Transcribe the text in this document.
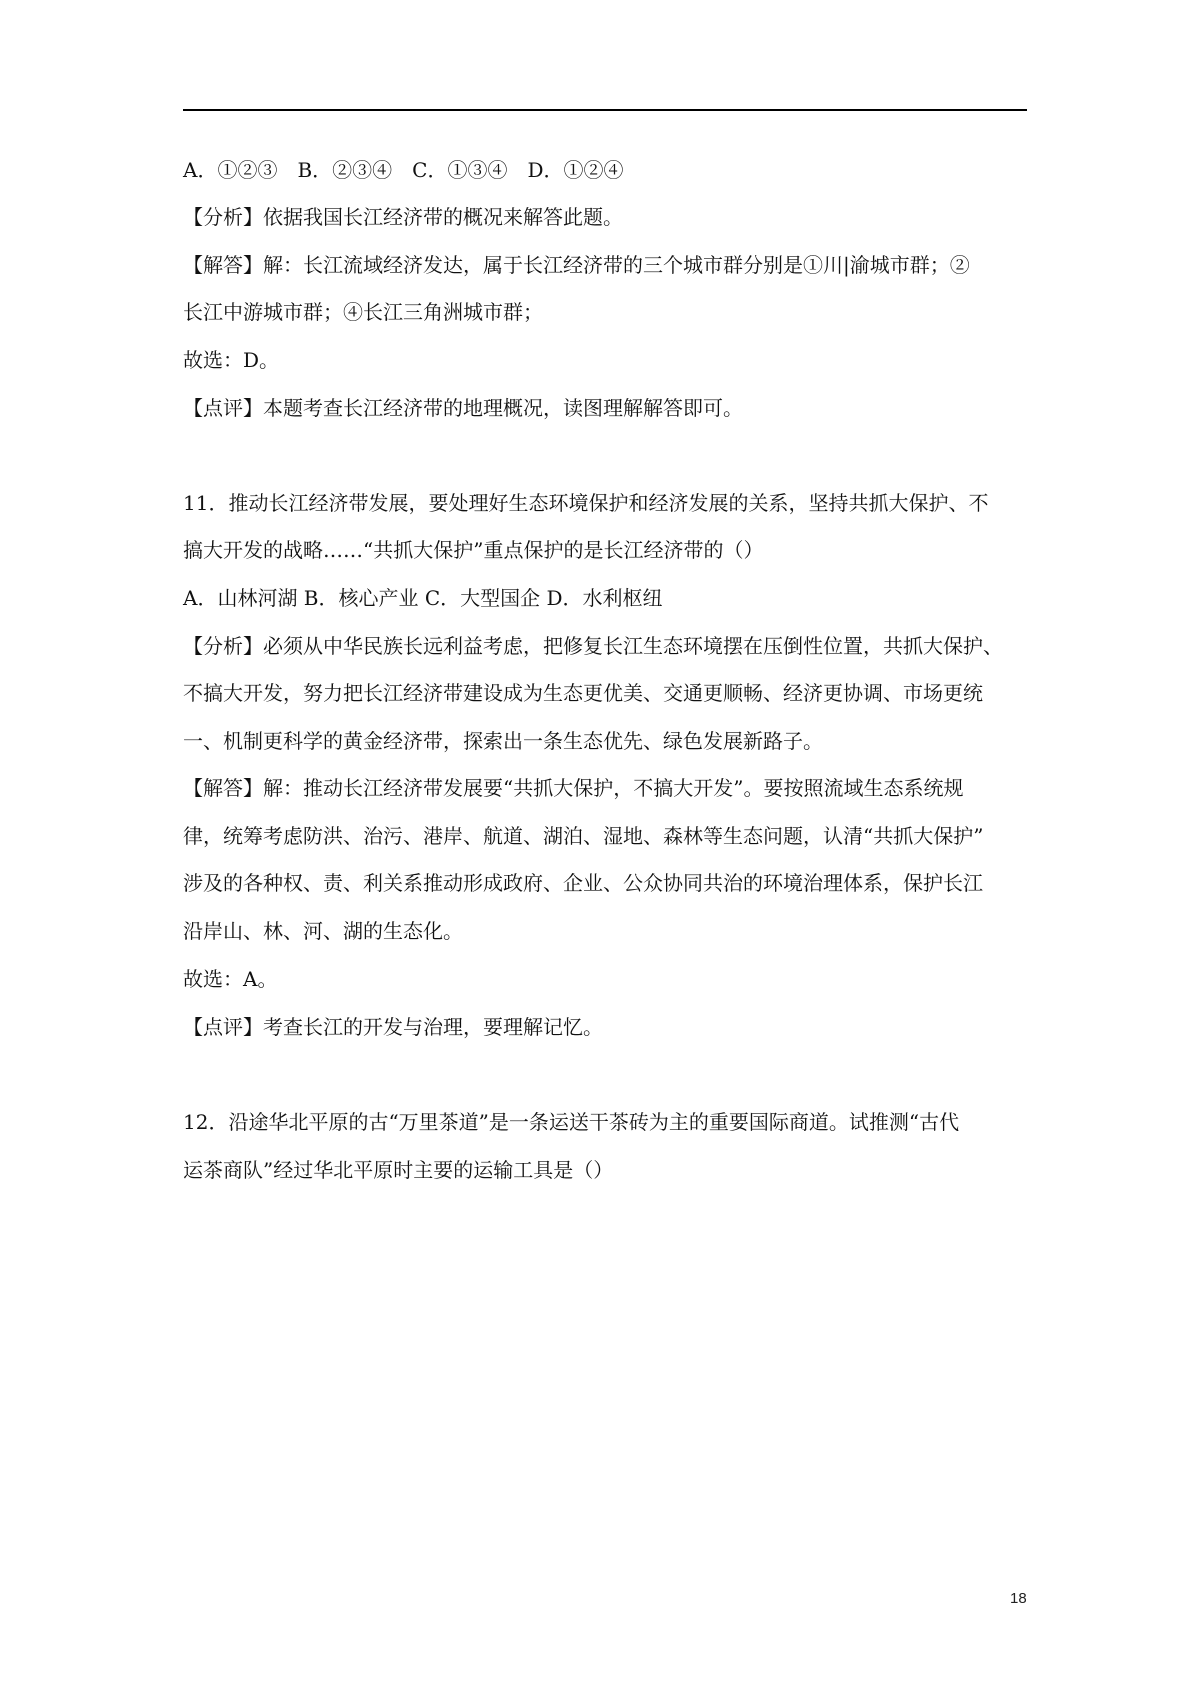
A．①②③　B．②③④　C．①③④　D．①②④
【分析】依据我国长江经济带的概况来解答此题。
【解答】解：长江流域经济发达，属于长江经济带的三个城市群分别是①川|渝城市群；②
长江中游城市群；④长江三角洲城市群；
故选：D。
【点评】本题考查长江经济带的地理概况，读图理解解答即可。
11．推动长江经济带发展，要处理好生态环境保护和经济发展的关系，坚持共抓大保护、不
搞大开发的战略……“共抓大保护”重点保护的是长江经济带的（）
A．山林河湖 B．核心产业 C．大型国企 D．水利枢纽
【分析】必须从中华民族长远利益考虑，把修复长江生态环境摆在压倒性位置，共抓大保护、
不搞大开发，努力把长江经济带建设成为生态更优美、交通更顺畅、经济更协调、市场更统
一、机制更科学的黄金经济带，探索出一条生态优先、绿色发展新路子。
【解答】解：推动长江经济带发展要“共抓大保护，不搞大开发”。要按照流域生态系统规
律，统筹考虑防洪、治污、港岸、航道、湖泊、湿地、森林等生态问题，认清“共抓大保护”
涉及的各种权、责、利关系推动形成政府、企业、公众协同共治的环境治理体系，保护长江
沿岸山、林、河、湖的生态化。
故选：A。
【点评】考查长江的开发与治理，要理解记忆。
12．沿途华北平原的古“万里茶道”是一条运送干茶砖为主的重要国际商道。试推测“古代
运茶商队”经过华北平原时主要的运输工具是（）
18
